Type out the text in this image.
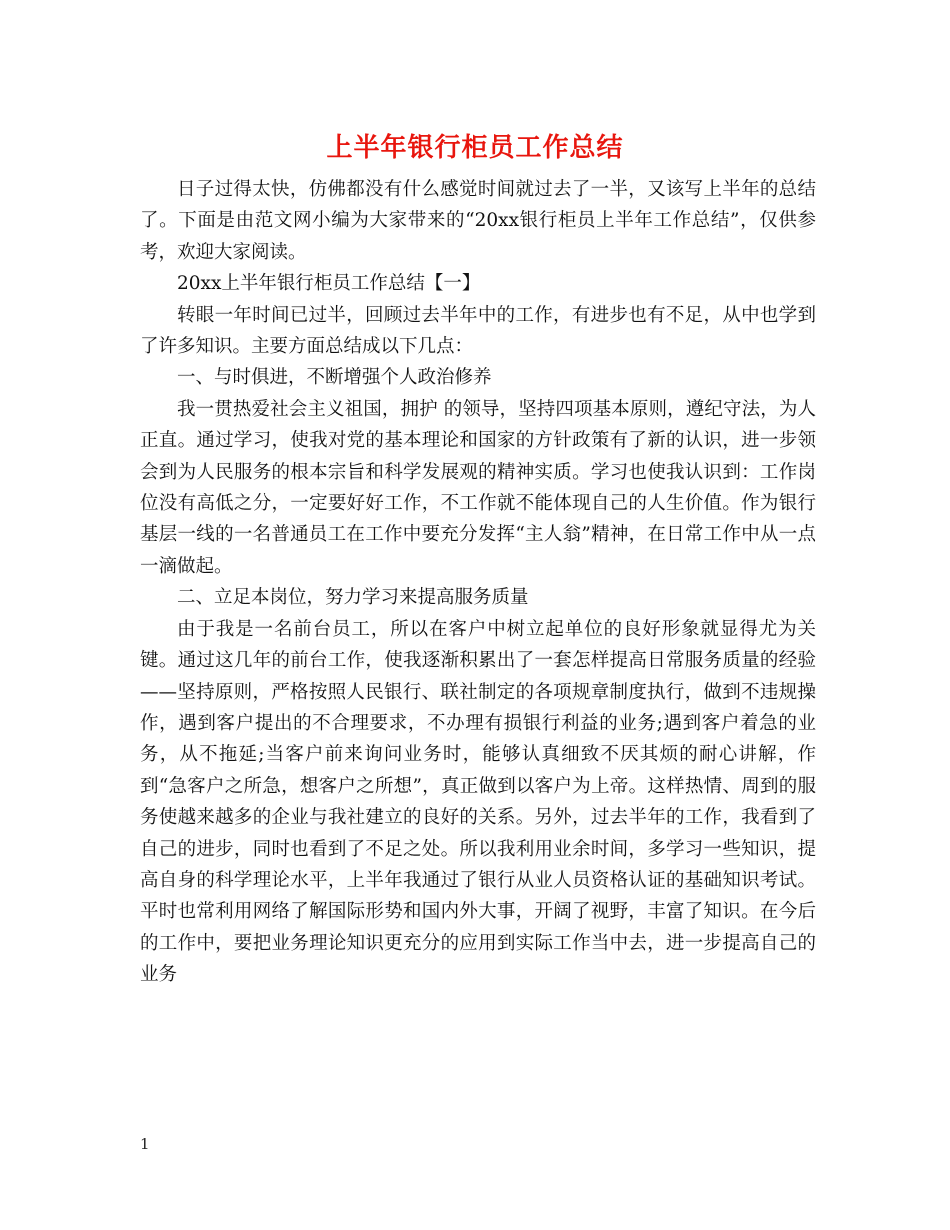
上半年银行柜员工作总结

日子过得太快，仿佛都没有什么感觉时间就过去了一半，又该写上半年的总结了。下面是由范文网小编为大家带来的“20xx银行柜员上半年工作总结”，仅供参考，欢迎大家阅读。

20xx上半年银行柜员工作总结【一】

转眼一年时间已过半，回顾过去半年中的工作，有进步也有不足，从中也学到了许多知识。主要方面总结成以下几点：

一、与时俱进，不断增强个人政治修养

我一贯热爱社会主义祖国，拥护 的领导，坚持四项基本原则，遵纪守法，为人正直。通过学习，使我对党的基本理论和国家的方针政策有了新的认识，进一步领会到为人民服务的根本宗旨和科学发展观的精神实质。学习也使我认识到：工作岗位没有高低之分，一定要好好工作，不工作就不能体现自己的人生价值。作为银行基层一线的一名普通员工在工作中要充分发挥“主人翁”精神，在日常工作中从一点一滴做起。

二、立足本岗位，努力学习来提高服务质量

由于我是一名前台员工，所以在客户中树立起单位的良好形象就显得尤为关键。通过这几年的前台工作，使我逐渐积累出了一套怎样提高日常服务质量的经验——坚持原则，严格按照人民银行、联社制定的各项规章制度执行，做到不违规操作，遇到客户提出的不合理要求，不办理有损银行利益的业务;遇到客户着急的业务，从不拖延;当客户前来询问业务时，能够认真细致不厌其烦的耐心讲解，作到“急客户之所急，想客户之所想”，真正做到以客户为上帝。这样热情、周到的服务使越来越多的企业与我社建立的良好的关系。另外，过去半年的工作，我看到了自己的进步，同时也看到了不足之处。所以我利用业余时间，多学习一些知识，提高自身的科学理论水平，上半年我通过了银行从业人员资格认证的基础知识考试。平时也常利用网络了解国际形势和国内外大事，开阔了视野，丰富了知识。在今后的工作中，要把业务理论知识更充分的应用到实际工作当中去，进一步提高自己的业务

1
